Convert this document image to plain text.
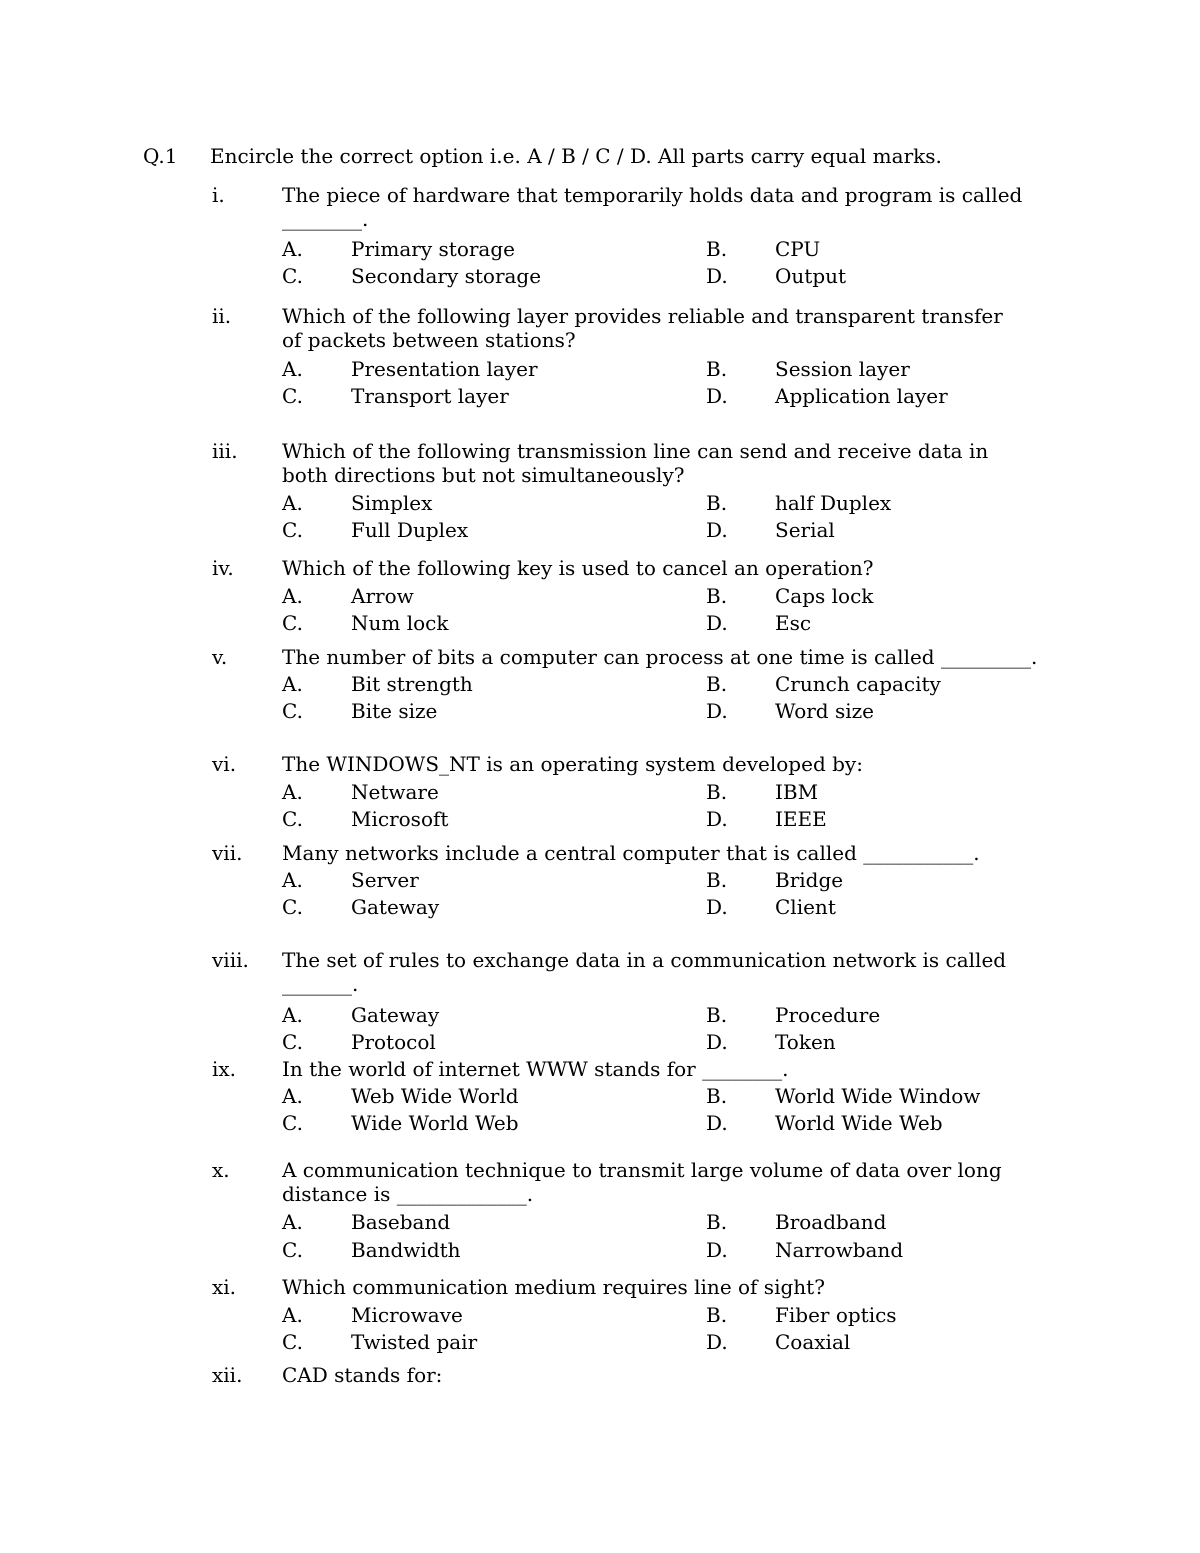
Q.1 Encircle the correct option i.e. A / B / C / D. All parts carry equal marks.
i.	The piece of hardware that temporarily holds data and program is called ________.
A. Primary storage	B. CPU
C. Secondary storage	D. Output
ii.	Which of the following layer provides reliable and transparent transfer of packets between stations?
A. Presentation layer	B. Session layer
C. Transport layer	D. Application layer
iii. Which of the following transmission line can send and receive data in both directions but not simultaneously?
A. Simplex	B. half Duplex
C. Full Duplex	D. Serial
iv. Which of the following key is used to cancel an operation?
A. Arrow	B. Caps lock
C. Num lock	D. Esc
v.	The number of bits a computer can process at one time is called _________.
A. Bit strength	B. Crunch capacity
C. Bite size	D. Word size
vi. The WINDOWS_NT is an operating system developed by:
A. Netware	B. IBM
C. Microsoft	D. IEEE
vii. Many networks include a central computer that is called ___________.
A. Server	B. Bridge
C. Gateway	D. Client
viii. The set of rules to exchange data in a communication network is called _______.
A. Gateway	B. Procedure
C. Protocol	D. Token
ix. In the world of internet WWW stands for ________.
A. Web Wide World	B. World Wide Window
C. Wide World Web	D. World Wide Web
x.	A communication technique to transmit large volume of data over long distance is _____________.
A. Baseband	B. Broadband
C. Bandwidth	D. Narrowband
xi. Which communication medium requires line of sight?
A. Microwave	B. Fiber optics
C. Twisted pair	D. Coaxial
xii. CAD stands for:
